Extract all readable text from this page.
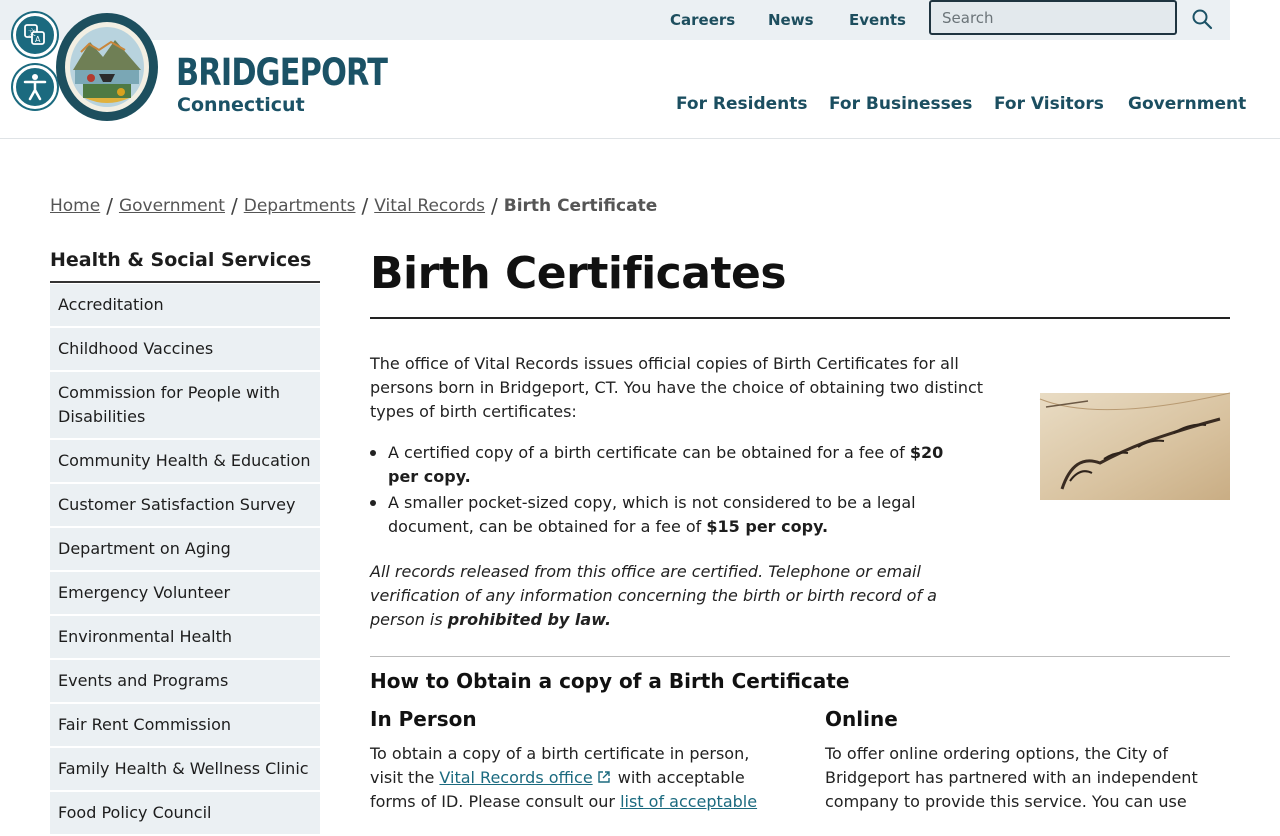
Careers News Events
Search
BRIDGEPORT
Connecticut	For Residents For Businesses For Visitors Government
文
A
Home / Government / Departments / Vital Records / Birth Certificate
Health & Social Services
Accreditation
Childhood Vaccines
Commission for People with Disabilities
Community Health & Education
Customer Satisfaction Survey
Department on Aging
Emergency Volunteer
Environmental Health
Events and Programs
Fair Rent Commission
Family Health & Wellness Clinic
Food Policy Council
Birth Certificates

The office of Vital Records issues official copies of Birth Certificates for all persons born in Bridgeport, CT. You have the choice of obtaining two distinct types of birth certificates:

A certified copy of a birth certificate can be obtained for a fee of $20 per copy.
A smaller pocket-sized copy, which is not considered to be a legal document, can be obtained for a fee of $15 per copy.

All records released from this office are certified. Telephone or email verification of any information concerning the birth or birth record of a person is prohibited by law.

How to Obtain a copy of a Birth Certificate
In Person

To obtain a copy of a birth certificate in person, visit the Vital Records office with acceptable forms of ID. Please consult our list of acceptable

Online

To offer online ordering options, the City of Bridgeport has partnered with an independent company to provide this service. You can use
